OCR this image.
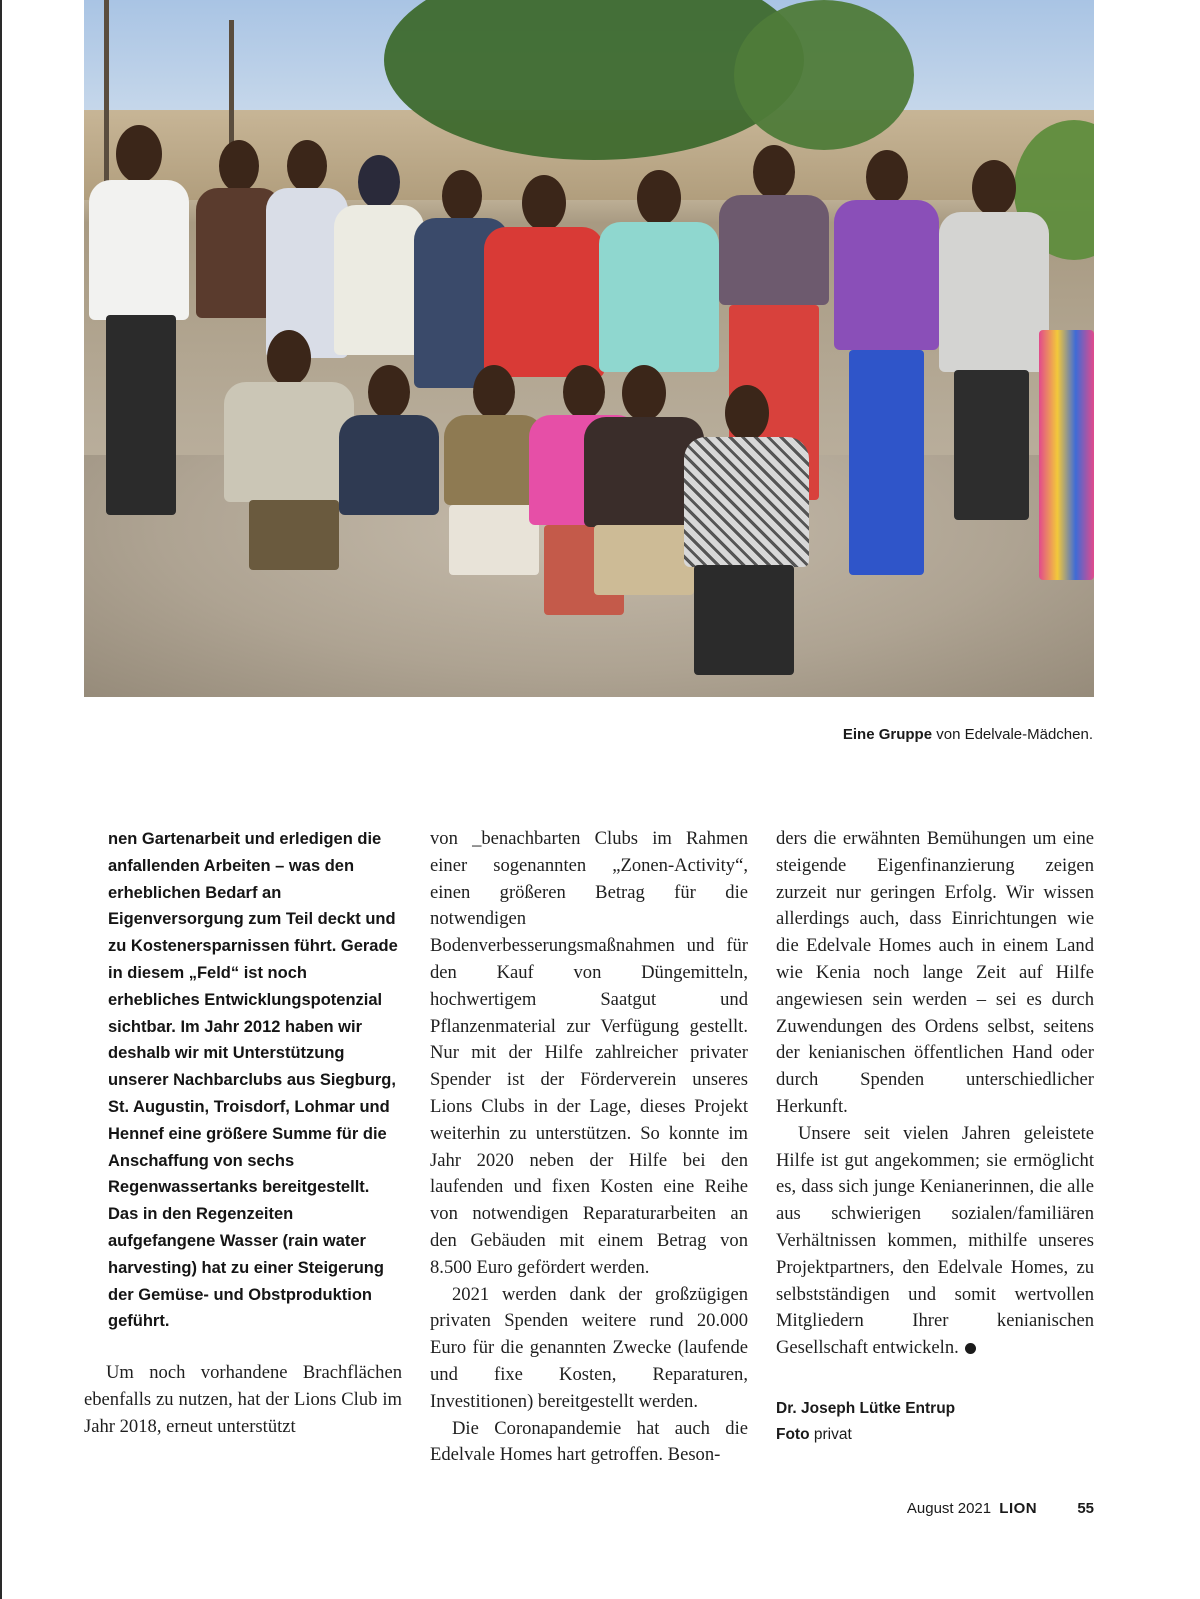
Eine Gruppe von Edelvale-Mädchen.

nen Gartenarbeit und erledigen die anfallenden Arbeiten – was den erheblichen Bedarf an Eigenversorgung zum Teil deckt und zu Kostenersparnissen führt. Gerade in diesem „Feld“ ist noch erhebliches Entwicklungspotenzial sichtbar. Im Jahr 2012 haben wir deshalb wir mit Unterstützung unserer Nachbarclubs aus Siegburg, St. Augustin, Troisdorf, Lohmar und Hennef eine größere Summe für die Anschaffung von sechs Regenwassertanks bereitgestellt. Das in den Regenzeiten aufgefangene Wasser (rain water harvesting) hat zu einer Steigerung der Gemüse- und Obstproduktion geführt.

Um noch vorhandene Brachflächen ebenfalls zu nutzen, hat der Lions Club im Jahr 2018, erneut unterstützt

von _benachbarten Clubs im Rahmen einer sogenannten „Zonen-Activity“, einen größeren Betrag für die notwendigen Bodenverbesserungsmaßnahmen und für den Kauf von Düngemitteln, hochwertigem Saatgut und Pflanzenmaterial zur Verfügung gestellt. Nur mit der Hilfe zahlreicher privater Spender ist der Förderverein unseres Lions Clubs in der Lage, dieses Projekt weiterhin zu unterstützen. So konnte im Jahr 2020 neben der Hilfe bei den laufenden und fixen Kosten eine Reihe von notwendigen Reparaturarbeiten an den Gebäuden mit einem Betrag von 8.500 Euro gefördert werden.

2021 werden dank der großzügigen privaten Spenden weitere rund 20.000 Euro für die genannten Zwecke (laufende und fixe Kosten, Reparaturen, Investitionen) bereitgestellt werden.

Die Coronapandemie hat auch die Edelvale Homes hart getroffen. Beson-

ders die erwähnten Bemühungen um eine steigende Eigenfinanzierung zeigen zurzeit nur geringen Erfolg. Wir wissen allerdings auch, dass Einrichtungen wie die Edelvale Homes auch in einem Land wie Kenia noch lange Zeit auf Hilfe angewiesen sein werden – sei es durch Zuwendungen des Ordens selbst, seitens der kenianischen öffentlichen Hand oder durch Spenden unterschiedlicher Herkunft.

Unsere seit vielen Jahren geleistete Hilfe ist gut angekommen; sie ermöglicht es, dass sich junge Kenianerinnen, die alle aus schwierigen sozialen/familiären Verhältnissen kommen, mithilfe unseres Projektpartners, den Edelvale Homes, zu selbstständigen und somit wertvollen Mitgliedern Ihrer kenianischen Gesellschaft entwickeln.

Dr. Joseph Lütke Entrup
Foto privat
August 2021 LION	55
